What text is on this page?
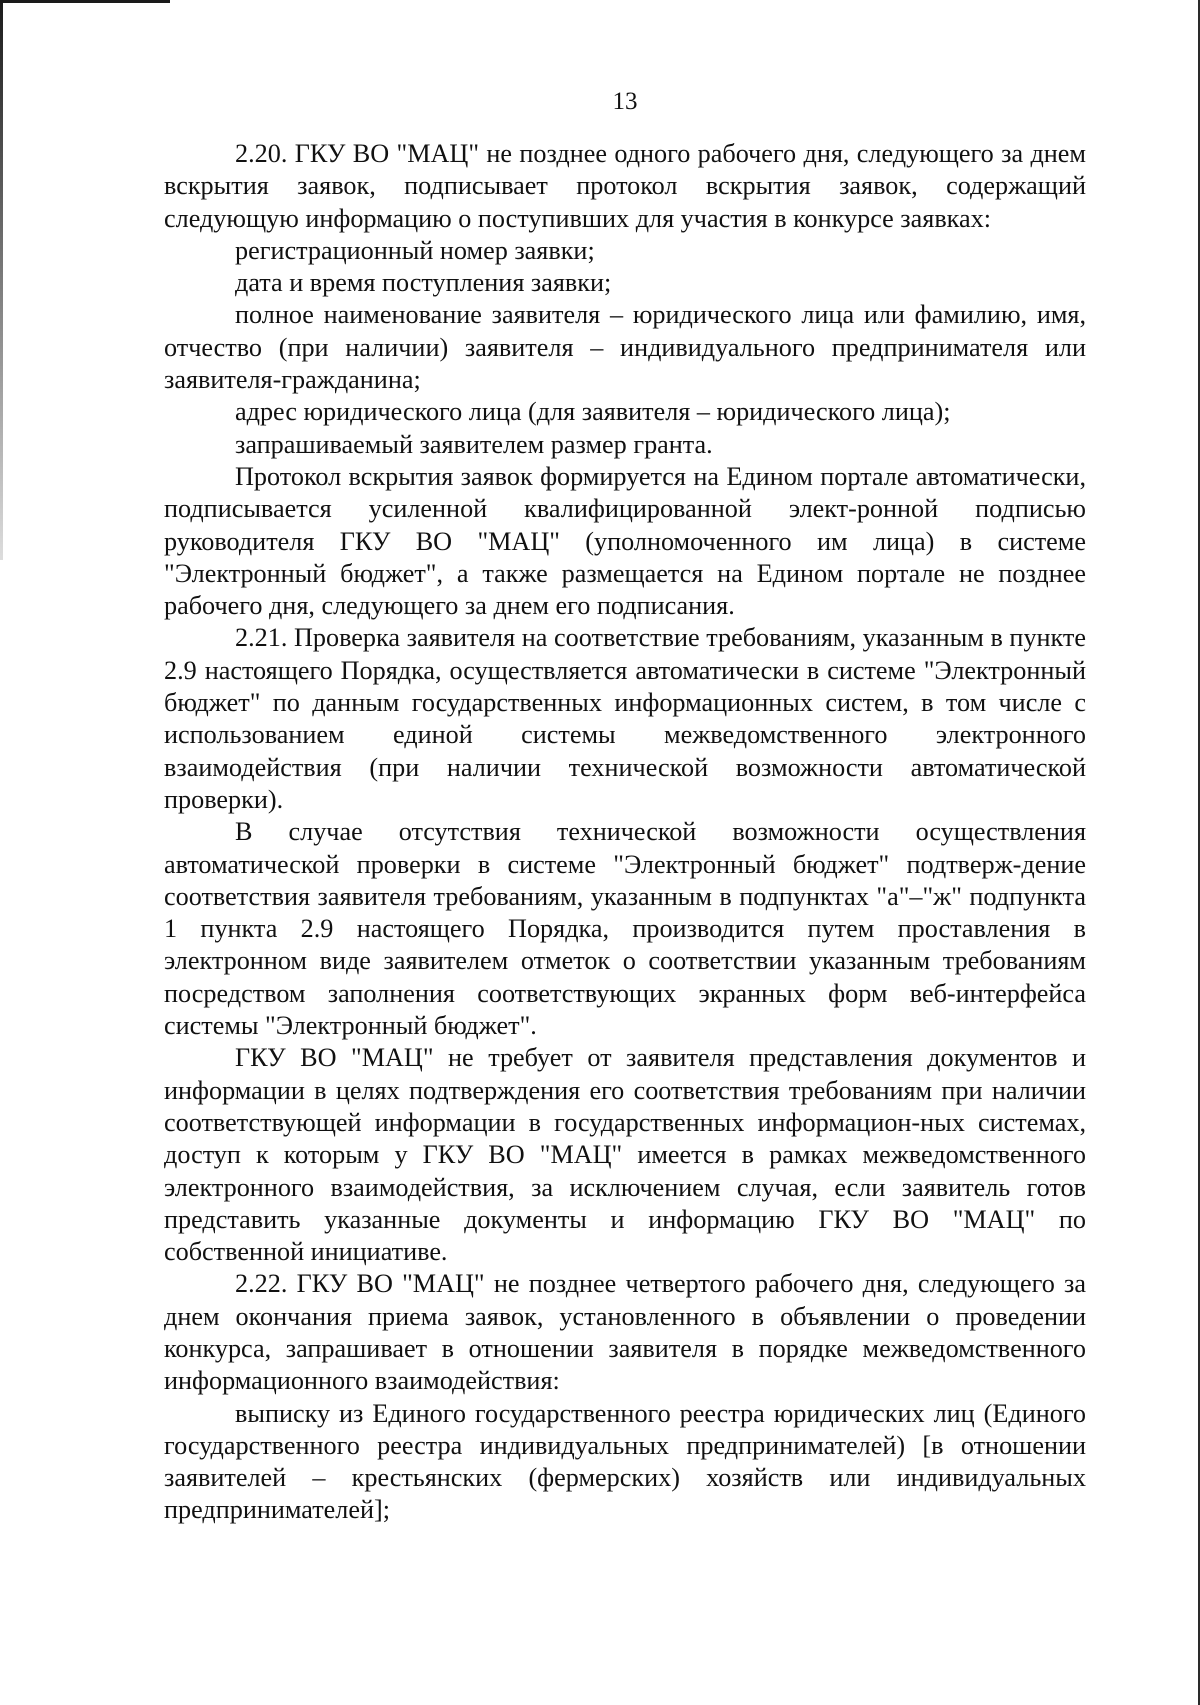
13

2.20. ГКУ ВО "МАЦ" не позднее одного рабочего дня, следующего за днем вскрытия заявок, подписывает протокол вскрытия заявок, содержащий следующую информацию о поступивших для участия в конкурсе заявках:

регистрационный номер заявки;

дата и время поступления заявки;

полное наименование заявителя – юридического лица или фамилию, имя, отчество (при наличии) заявителя – индивидуального предпринимателя или заявителя-гражданина;

адрес юридического лица (для заявителя – юридического лица);

запрашиваемый заявителем размер гранта.

Протокол вскрытия заявок формируется на Едином портале автоматически, подписывается усиленной квалифицированной элект-ронной подписью руководителя ГКУ ВО "МАЦ" (уполномоченного им лица) в системе "Электронный бюджет", а также размещается на Едином портале не позднее рабочего дня, следующего за днем его подписания.

2.21. Проверка заявителя на соответствие требованиям, указанным в пункте 2.9 настоящего Порядка, осуществляется автоматически в системе "Электронный бюджет" по данным государственных информационных систем, в том числе с использованием единой системы межведомственного электронного взаимодействия (при наличии технической возможности автоматической проверки).

В случае отсутствия технической возможности осуществления автоматической проверки в системе "Электронный бюджет" подтверж-дение соответствия заявителя требованиям, указанным в подпунктах "а"–"ж" подпункта 1 пункта 2.9 настоящего Порядка, производится путем проставления в электронном виде заявителем отметок о соответствии указанным требованиям посредством заполнения соответствующих экранных форм веб-интерфейса системы "Электронный бюджет".

ГКУ ВО "МАЦ" не требует от заявителя представления документов и информации в целях подтверждения его соответствия требованиям при наличии соответствующей информации в государственных информацион-ных системах, доступ к которым у ГКУ ВО "МАЦ" имеется в рамках межведомственного электронного взаимодействия, за исключением случая, если заявитель готов представить указанные документы и информацию ГКУ ВО "МАЦ" по собственной инициативе.

2.22. ГКУ ВО "МАЦ" не позднее четвертого рабочего дня, следующего за днем окончания приема заявок, установленного в объявлении о проведении конкурса, запрашивает в отношении заявителя в порядке межведомственного информационного взаимодействия:

выписку из Единого государственного реестра юридических лиц (Единого государственного реестра индивидуальных предпринимателей) [в отношении заявителей – крестьянских (фермерских) хозяйств или индивидуальных предпринимателей];
